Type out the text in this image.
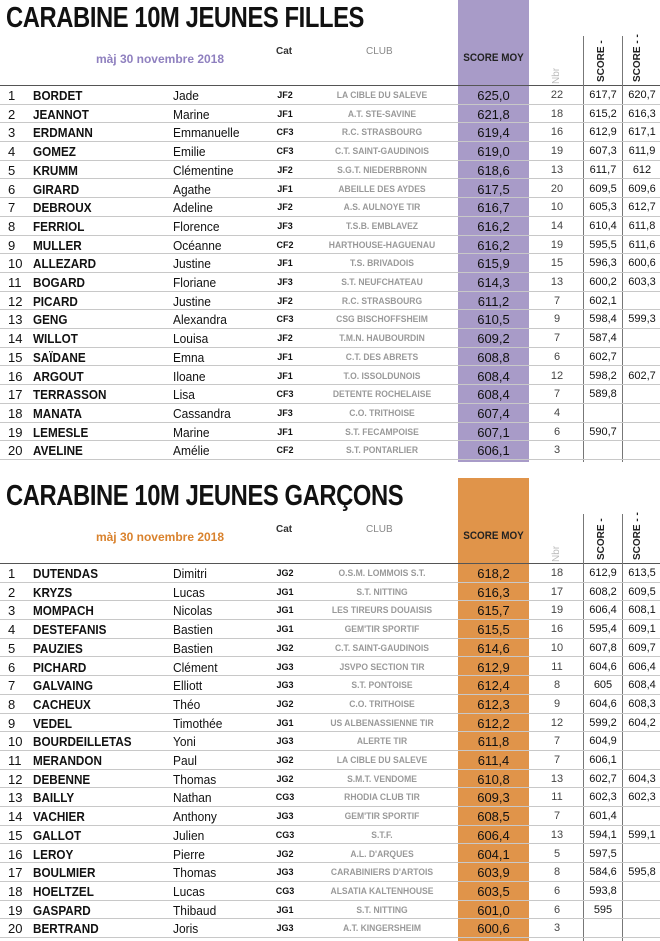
CARABINE 10M JEUNES FILLES
màj 30 novembre 2018
Cat	CLUB
SCORE MOY
Nbr	SCORE -	SCORE - -
1	BORDET	Jade	JF2	LA CIBLE DU SALEVE	625,0	22	617,7	620,7
2	JEANNOT	Marine	JF1	A.T. STE-SAVINE	621,8	18	615,2	616,3
3	ERDMANN	Emmanuelle	CF3	R.C. STRASBOURG	619,4	16	612,9	617,1
4	GOMEZ	Emilie	CF3	C.T. SAINT-GAUDINOIS	619,0	19	607,3	611,9
5	KRUMM	Clémentine	JF2	S.G.T. NIEDERBRONN	618,6	13	611,7	612
6	GIRARD	Agathe	JF1	ABEILLE DES AYDES	617,5	20	609,5	609,6
7	DEBROUX	Adeline	JF2	A.S. AULNOYE TIR	616,7	10	605,3	612,7
8	FERRIOL	Florence	JF3	T.S.B. EMBLAVEZ	616,2	14	610,4	611,8
9	MULLER	Océanne	CF2	HARTHOUSE-HAGUENAU	616,2	19	595,5	611,6
10 ALLEZARD	Justine	JF1	T.S. BRIVADOIS	615,9	15	596,3	600,6
11 BOGARD	Floriane	JF3	S.T. NEUFCHATEAU	614,3	13	600,2	603,3
12 PICARD	Justine	JF2	R.C. STRASBOURG	611,2	7	602,1
13 GENG	Alexandra	CF3	CSG BISCHOFFSHEIM	610,5	9	598,4	599,3
14 WILLOT	Louisa	JF2	T.M.N. HAUBOURDIN	609,2	7	587,4
15 SAÏDANE	Emna	JF1	C.T. DES ABRETS	608,8	6	602,7
16 ARGOUT	Iloane	JF1	T.O. ISSOLDUNOIS	608,4	12	598,2	602,7
17 TERRASSON	Lisa	CF3	DETENTE ROCHELAISE	608,4	7	589,8
18 MANATA	Cassandra	JF3	C.O. TRITHOISE	607,4	4
19 LEMESLE	Marine	JF1	S.T. FECAMPOISE	607,1	6	590,7
20 AVELINE	Amélie	CF2	S.T. PONTARLIER	606,1	3
CARABINE 10M JEUNES GARÇONS
màj 30 novembre 2018
Cat	CLUB
SCORE MOY
Nbr	SCORE -	SCORE - -
1	DUTENDAS	Dimitri	JG2	O.S.M. LOMMOIS S.T.	618,2	18	612,9	613,5
2	KRYZS	Lucas	JG1	S.T. NITTING	616,3	17	608,2	609,5
3	MOMPACH	Nicolas	JG1	LES TIREURS DOUAISIS	615,7	19	606,4	608,1
4	DESTEFANIS	Bastien	JG1	GEM'TIR SPORTIF	615,5	16	595,4	609,1
5	PAUZIES	Bastien	JG2	C.T. SAINT-GAUDINOIS	614,6	10	607,8	609,7
6	PICHARD	Clément	JG3	JSVPO SECTION TIR	612,9	11	604,6	606,4
7	GALVAING	Elliott	JG3	S.T. PONTOISE	612,4	8	605	608,4
8	CACHEUX	Théo	JG2	C.O. TRITHOISE	612,3	9	604,6	608,3
9	VEDEL	Timothée	JG1	US ALBENASSIENNE TIR	612,2	12	599,2	604,2
10 BOURDEILLETAS	Yoni	JG3	ALERTE TIR	611,8	7	604,9
11 MERANDON	Paul	JG2	LA CIBLE DU SALEVE	611,4	7	606,1
12 DEBENNE	Thomas	JG2	S.M.T. VENDOME	610,8	13	602,7	604,3
13 BAILLY	Nathan	CG3	RHODIA CLUB TIR	609,3	11	602,3	602,3
14 VACHIER	Anthony	JG3	GEM'TIR SPORTIF	608,5	7	601,4
15 GALLOT	Julien	CG3	S.T.F.	606,4	13	594,1	599,1
16 LEROY	Pierre	JG2	A.L. D'ARQUES	604,1	5	597,5
17 BOULMIER	Thomas	JG3	CARABINIERS D'ARTOIS	603,9	8	584,6	595,8
18 HOELTZEL	Lucas	CG3	ALSATIA KALTENHOUSE	603,5	6	593,8
19 GASPARD	Thibaud	JG1	S.T. NITTING	601,0	6	595
20 BERTRAND	Joris	JG3	A.T. KINGERSHEIM	600,6	3
